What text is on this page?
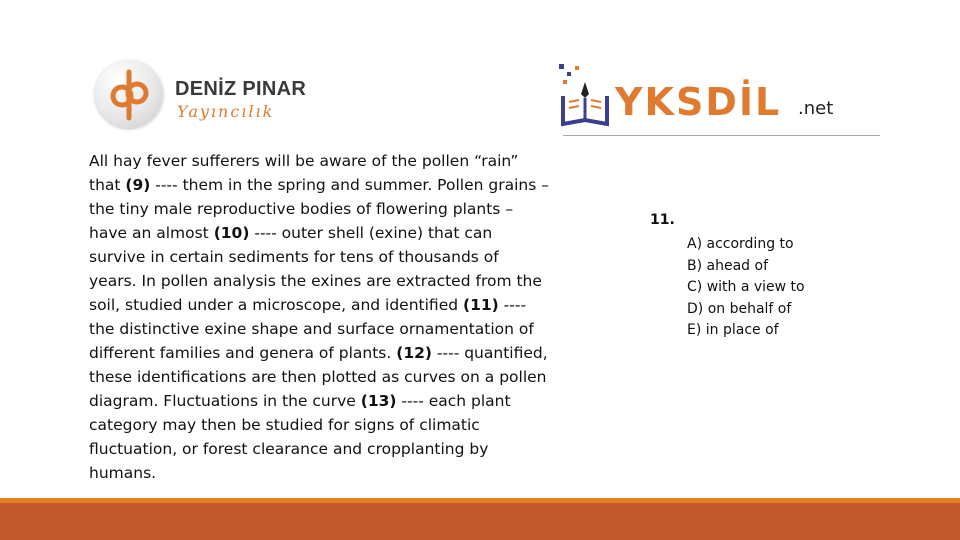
DENİZ PINAR
Yayıncılık	YKSDİL .net
All hay fever sufferers will be aware of the pollen “rain” that (9) ---- them in the spring and summer. Pollen grains – the tiny male reproductive bodies of flowering plants – have an almost (10) ---- outer shell (exine) that can survive in certain sediments for tens of thousands of years. In pollen analysis the exines are extracted from the soil, studied under a microscope, and identified (11) ---- the distinctive exine shape and surface ornamentation of different families and genera of plants. (12) ---- quantified, these identifications are then plotted as curves on a pollen diagram. Fluctuations in the curve (13) ---- each plant category may then be studied for signs of climatic fluctuation, or forest clearance and cropplanting by humans.
11.
A) according to
B) ahead of
C) with a view to
D) on behalf of
E) in place of
